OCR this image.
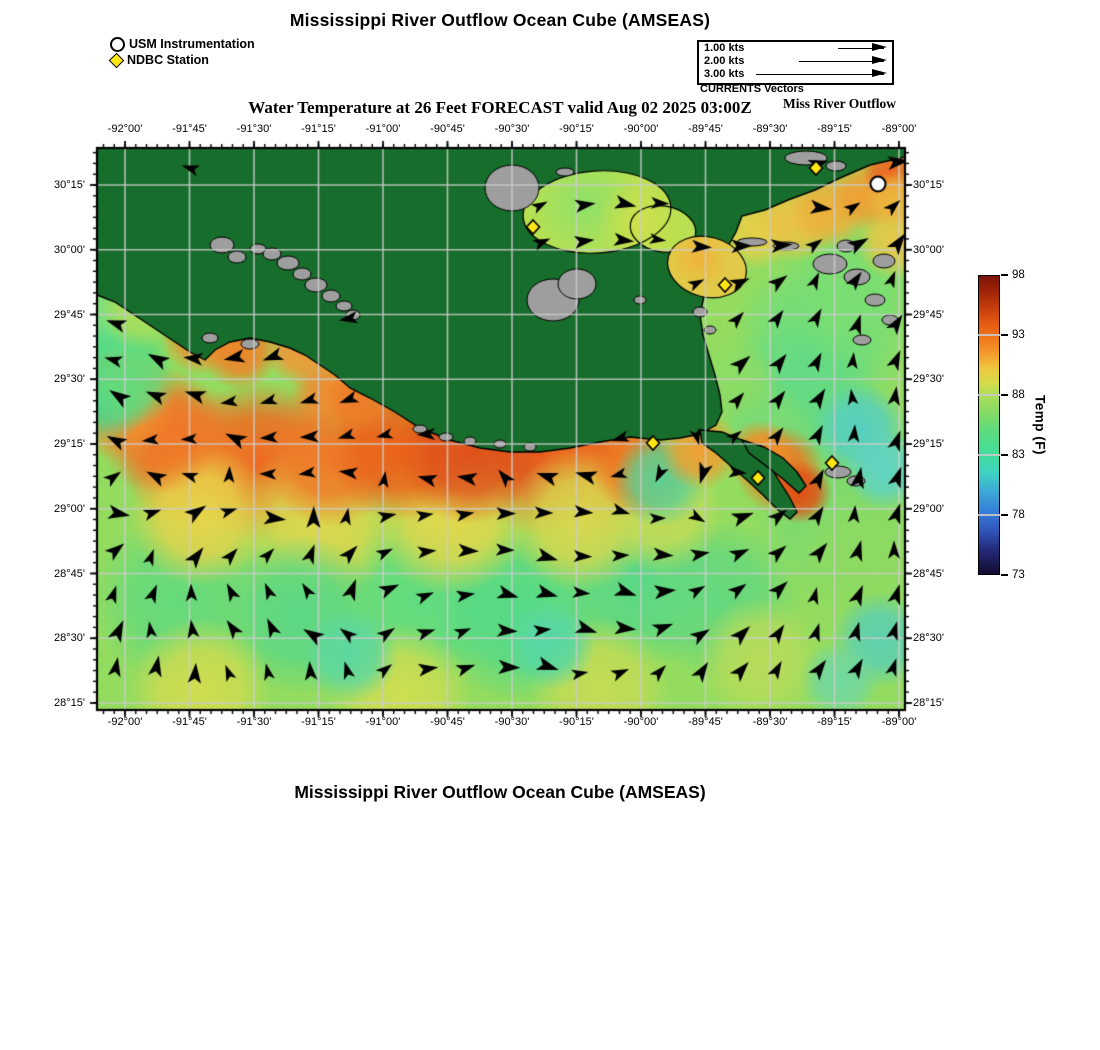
Mississippi River Outflow Ocean Cube (AMSEAS)
USM Instrumentation
NDBC Station
1.00 kts
2.00 kts
3.00 kts
CURRENTS Vectors
Water Temperature at 26 Feet FORECAST valid Aug 02 2025 03:00Z	Miss River Outflow
-92°00'
-92°00'
-91°45'
-91°45'
-91°30'
-91°30'
-91°15'
-91°15'
-91°00'
-91°00'
-90°45'
-90°45'
-90°30'
-90°30'
-90°15'
-90°15'
-90°00'
-90°00'
-89°45'
-89°45'
-89°30'
-89°30'
-89°15'
-89°15'
-89°00'
-89°00'
30°15'	30°15'
30°00'	30°00'
29°45'	29°45'
29°30'	29°30'
29°15'	29°15'
29°00'	29°00'
28°45'	28°45'
28°30'	28°30'
28°15'	28°15'
98
93
88
83
78
73
Temp (F)
Mississippi River Outflow Ocean Cube (AMSEAS)
